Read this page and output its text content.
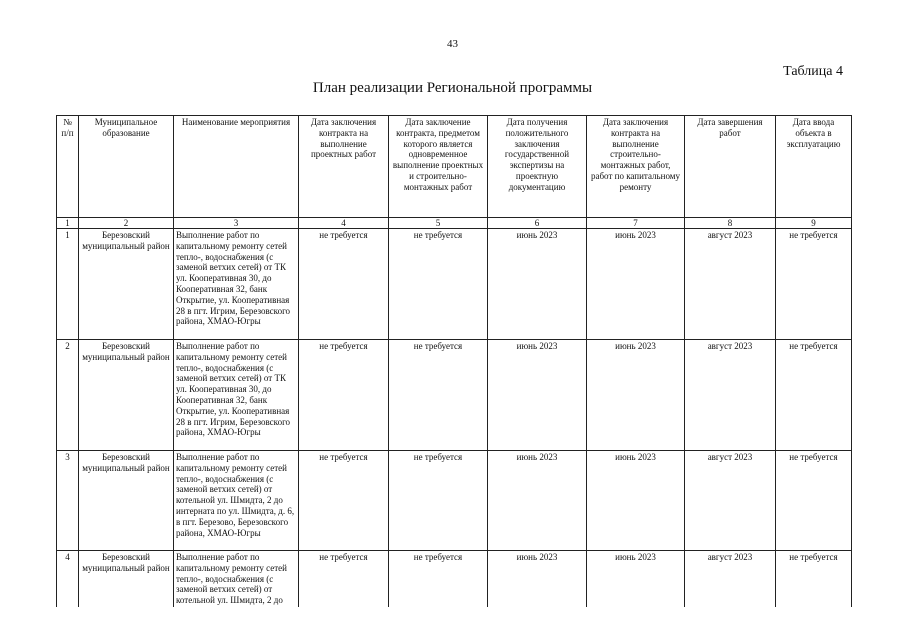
43
Таблица 4
План реализации Региональной программы
№ п/п	Муниципальное образование	Наименование мероприятия	Дата заключения контракта на выполнение проектных работ	Дата заключение контракта, предметом которого является одновременное выполнение проектных и строительно-монтажных работ	Дата получения положительного заключения государственной экспертизы на проектную документацию	Дата заключения контракта на выполнение строительно-монтажных работ, работ по капитальному ремонту	Дата завершения работ	Дата ввода объекта в эксплуатацию
1	2	3	4	5	6	7	8	9
1	Березовский муниципальный район	Выполнение работ по капитальному ремонту сетей тепло-, водоснабжения (с заменой ветхих сетей) от ТК ул. Кооперативная 30, до Кооперативная 32, банк Открытие, ул. Кооперативная 28 в пгт. Игрим, Березовского района, ХМАО-Югры	не требуется	не требуется	июнь 2023	июнь 2023	август 2023	не требуется
2	Березовский муниципальный район	Выполнение работ по капитальному ремонту сетей тепло-, водоснабжения (с заменой ветхих сетей) от ТК ул. Кооперативная 30, до Кооперативная 32, банк Открытие, ул. Кооперативная 28 в пгт. Игрим, Березовского района, ХМАО-Югры	не требуется	не требуется	июнь 2023	июнь 2023	август 2023	не требуется
3	Березовский муниципальный район	Выполнение работ по капитальному ремонту сетей тепло-, водоснабжения (с заменой ветхих сетей) от котельной ул. Шмидта, 2 до интерната по ул. Шмидта, д. 6, в пгт. Березово, Березовского района, ХМАО-Югры	не требуется	не требуется	июнь 2023	июнь 2023	август 2023	не требуется
4	Березовский муниципальный район	Выполнение работ по капитальному ремонту сетей тепло-, водоснабжения (с заменой ветхих сетей) от котельной ул. Шмидта, 2 до	не требуется	не требуется	июнь 2023	июнь 2023	август 2023	не требуется
